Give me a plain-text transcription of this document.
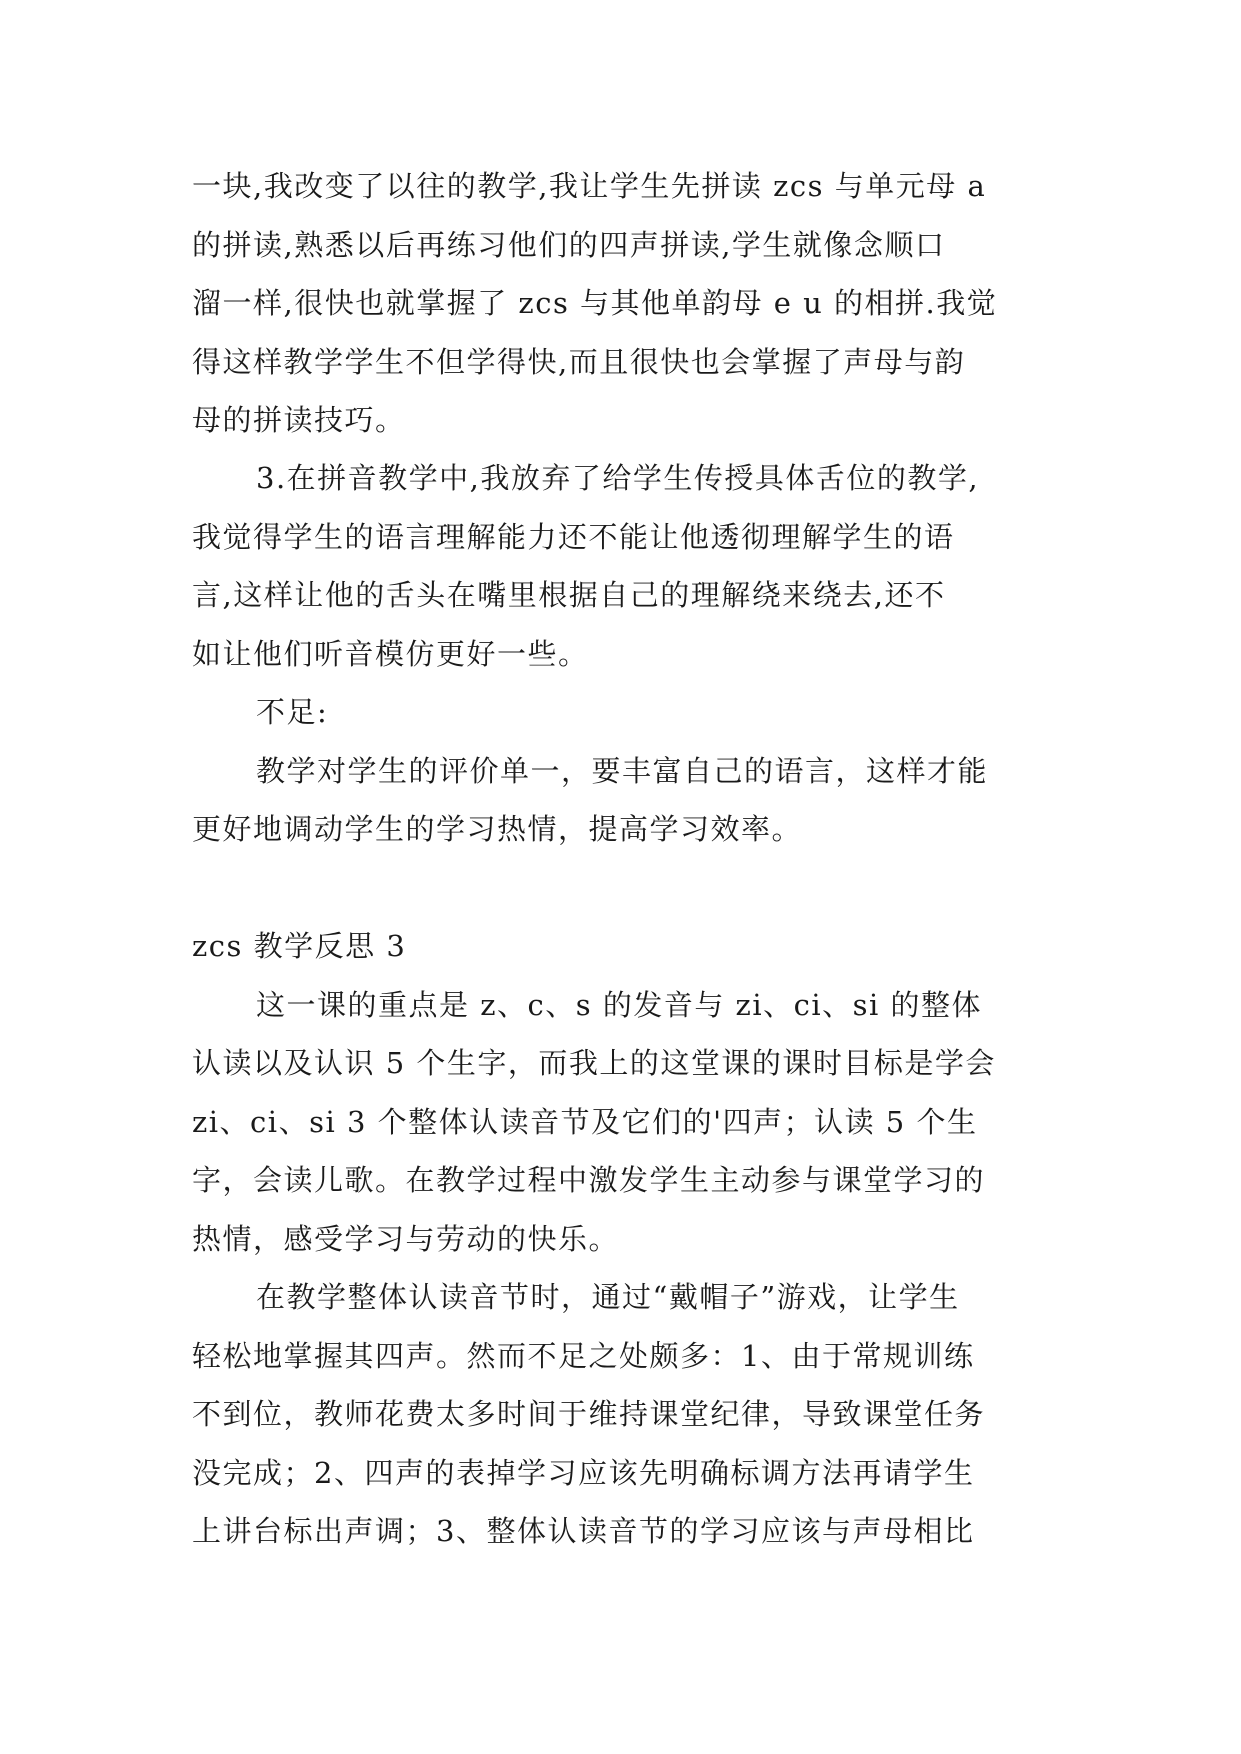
一块,我改变了以往的教学,我让学生先拼读 zcs 与单元母 a
的拼读,熟悉以后再练习他们的四声拼读,学生就像念顺口
溜一样,很快也就掌握了 zcs 与其他单韵母 e u 的相拼.我觉
得这样教学学生不但学得快,而且很快也会掌握了声母与韵
母的拼读技巧。
3.在拼音教学中,我放弃了给学生传授具体舌位的教学,
我觉得学生的语言理解能力还不能让他透彻理解学生的语
言,这样让他的舌头在嘴里根据自己的理解绕来绕去,还不
如让他们听音模仿更好一些。
不足:
教学对学生的评价单一，要丰富自己的语言，这样才能
更好地调动学生的学习热情，提高学习效率。
zcs 教学反思 3
这一课的重点是 z、c、s 的发音与 zi、ci、si 的整体
认读以及认识 5 个生字，而我上的这堂课的课时目标是学会
zi、ci、si 3 个整体认读音节及它们的'四声；认读 5 个生
字，会读儿歌。在教学过程中激发学生主动参与课堂学习的
热情，感受学习与劳动的快乐。
在教学整体认读音节时，通过“戴帽子”游戏，让学生
轻松地掌握其四声。然而不足之处颇多：1、由于常规训练
不到位，教师花费太多时间于维持课堂纪律，导致课堂任务
没完成；2、四声的表掉学习应该先明确标调方法再请学生
上讲台标出声调；3、整体认读音节的学习应该与声母相比
